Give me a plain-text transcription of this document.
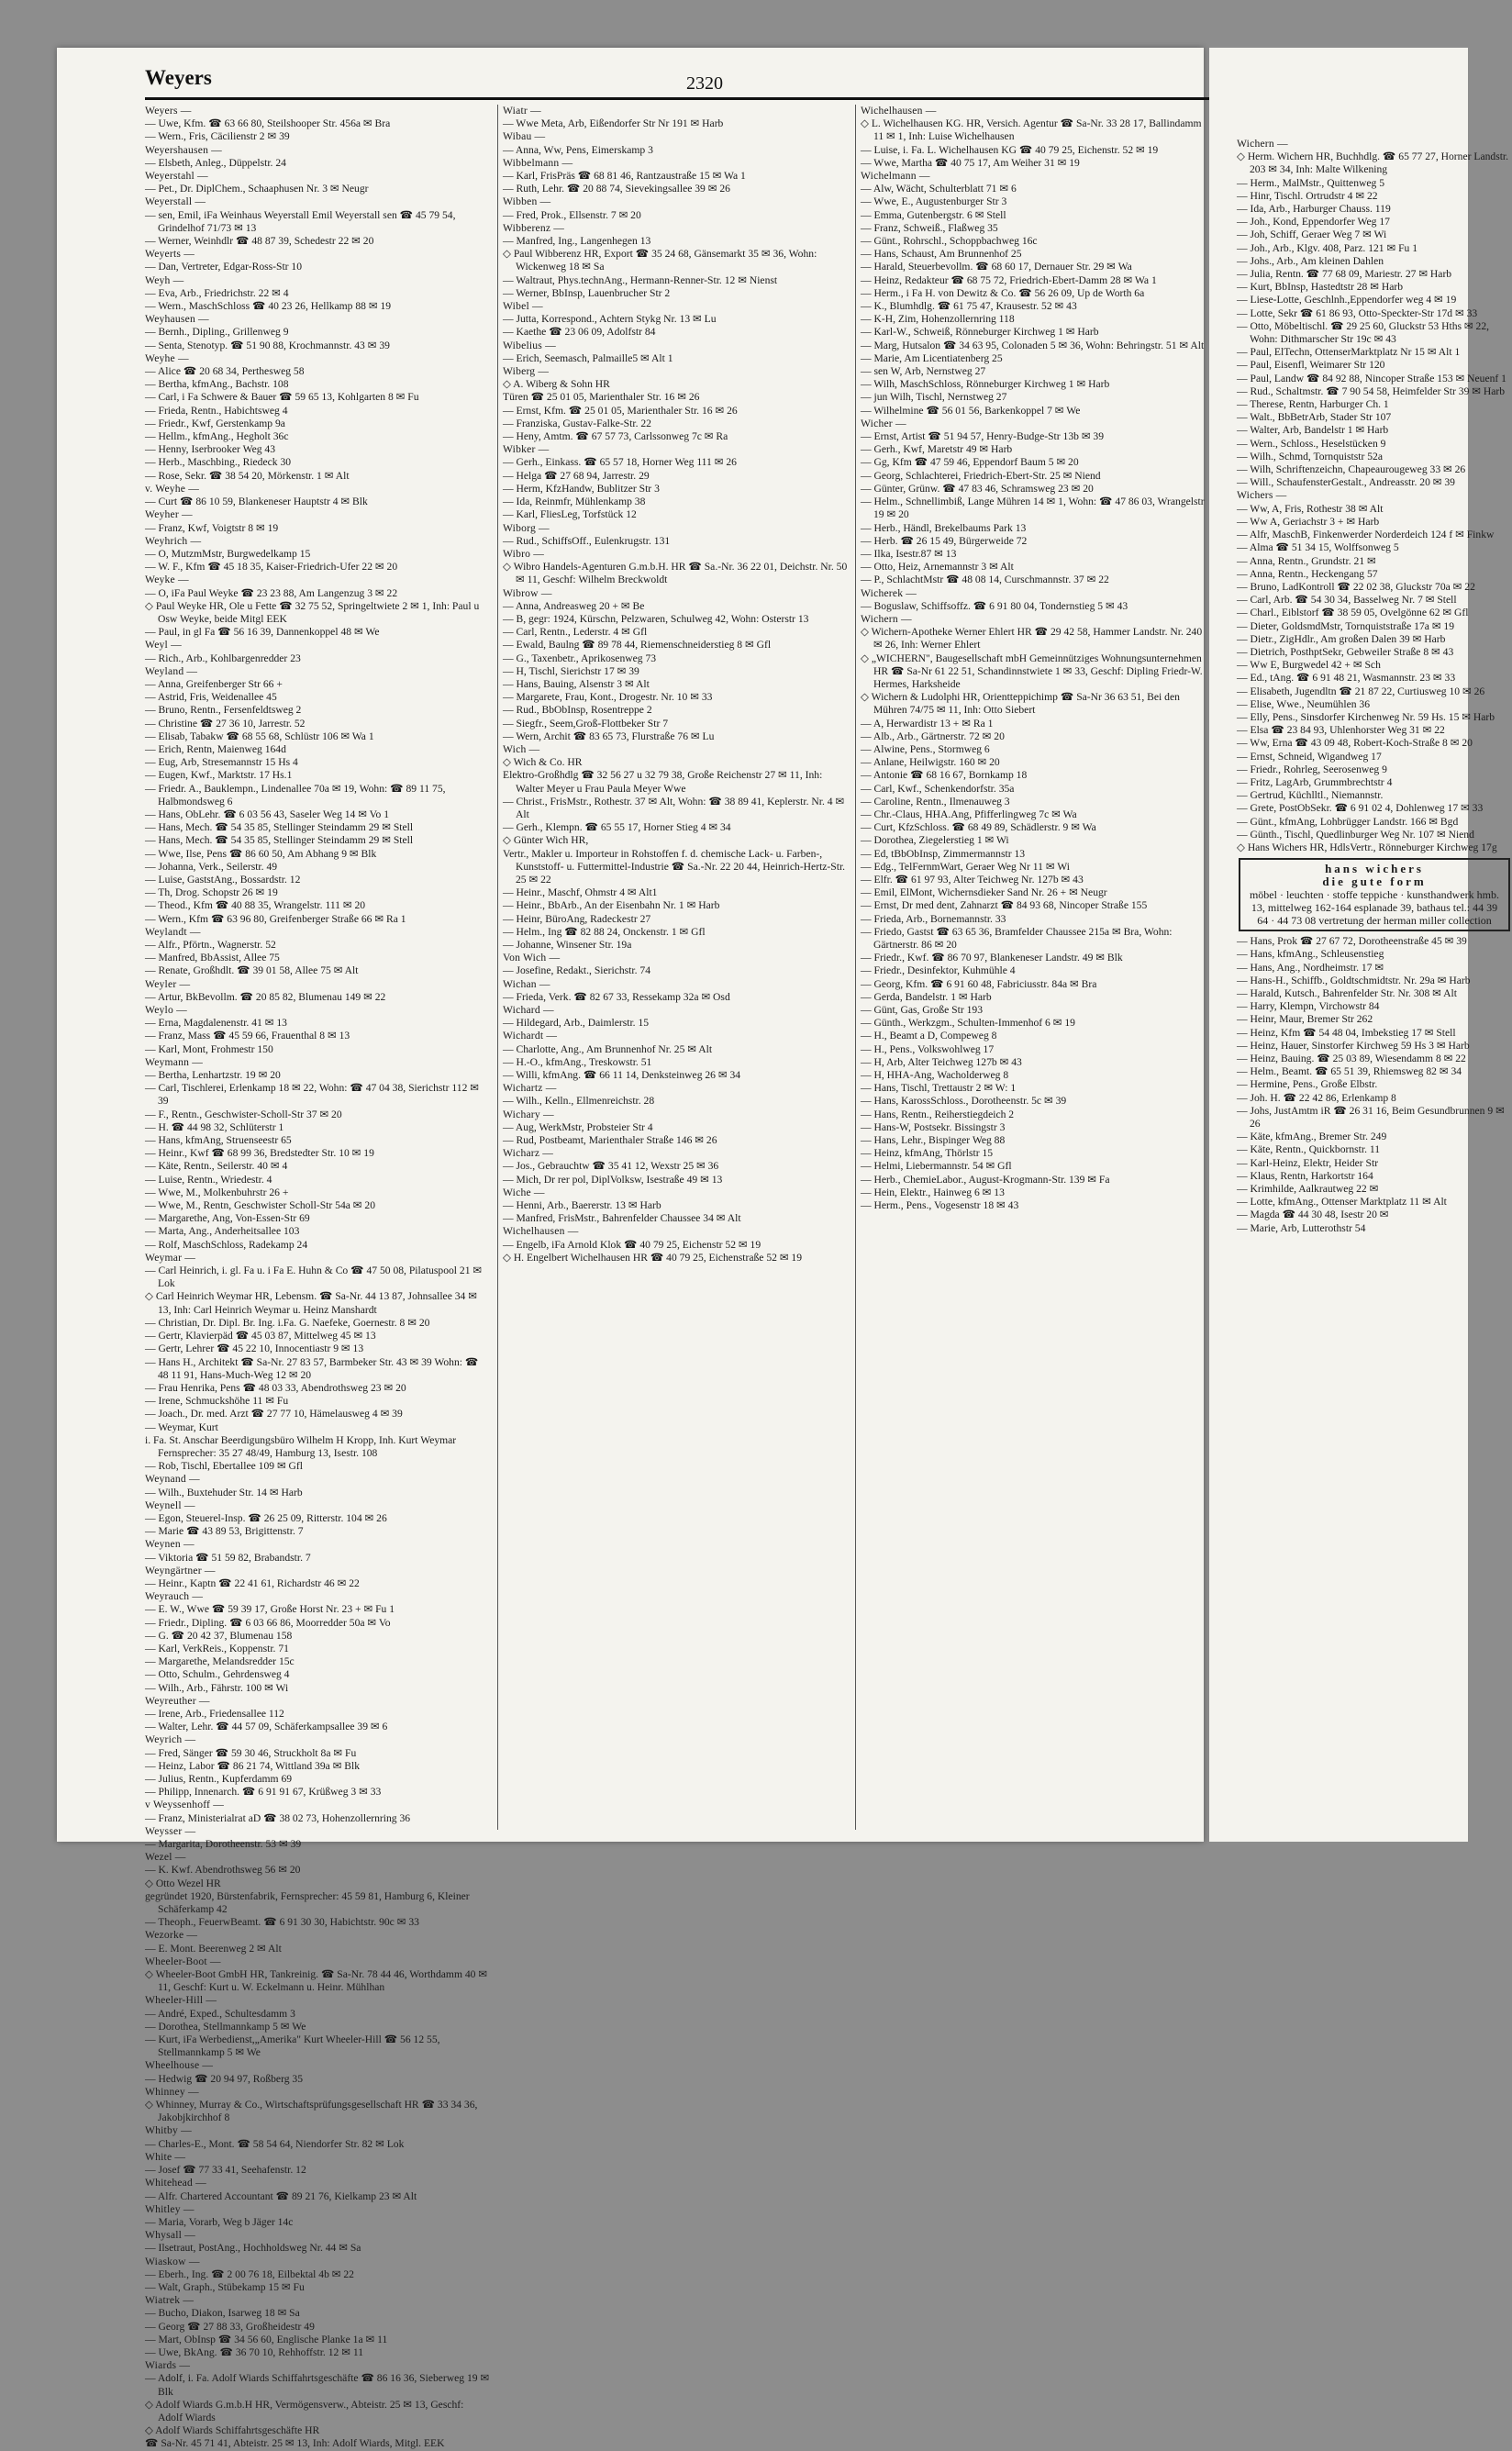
Weyers	2320

Weyers —

— Uwe, Kfm. ☎ 63 66 80, Steilshooper Str. 456a ✉ Bra

— Wern., Fris, Cäcilienstr 2 ✉ 39

Weyershausen —

— Elsbeth, Anleg., Düppelstr. 24

Weyerstahl —

— Pet., Dr. DiplChem., Schaaphusen Nr. 3 ✉ Neugr

Weyerstall —

— sen, Emil, iFa Weinhaus Weyerstall Emil Weyerstall sen ☎ 45 79 54, Grindelhof 71/73 ✉ 13

— Werner, Weinhdlr ☎ 48 87 39, Schedestr 22 ✉ 20

Weyerts —

— Dan, Vertreter, Edgar-Ross-Str 10

Weyh —

— Eva, Arb., Friedrichstr. 22 ✉ 4

— Wern., MaschSchloss ☎ 40 23 26, Hellkamp 88 ✉ 19

Weyhausen —

— Bernh., Dipling., Grillenweg 9

— Senta, Stenotyp. ☎ 51 90 88, Krochmannstr. 43 ✉ 39

Weyhe —

— Alice ☎ 20 68 34, Perthesweg 58

— Bertha, kfmAng., Bachstr. 108

— Carl, i Fa Schwere & Bauer ☎ 59 65 13, Kohlgarten 8 ✉ Fu

— Frieda, Rentn., Habichtsweg 4

— Friedr., Kwf, Gerstenkamp 9a

— Hellm., kfmAng., Hegholt 36c

— Henny, Iserbrooker Weg 43

— Herb., Maschbing., Riedeck 30

— Rose, Sekr. ☎ 38 54 20, Mörkenstr. 1 ✉ Alt

v. Weyhe —

— Curt ☎ 86 10 59, Blankeneser Hauptstr 4 ✉ Blk

Weyher —

— Franz, Kwf, Voigtstr 8 ✉ 19

Weyhrich —

— O, MutzmMstr, Burgwedelkamp 15

— W. F., Kfm ☎ 45 18 35, Kaiser-Friedrich-Ufer 22 ✉ 20

Weyke —

— O, iFa Paul Weyke ☎ 23 23 88, Am Langenzug 3 ✉ 22

◇ Paul Weyke HR, Ole u Fette ☎ 32 75 52, Springeltwiete 2 ✉ 1, Inh: Paul u Osw Weyke, beide Mitgl EEK

— Paul, in gl Fa ☎ 56 16 39, Dannenkoppel 48 ✉ We

Weyl —

— Rich., Arb., Kohlbargenredder 23

Weyland —

— Anna, Greifenberger Str 66 +

— Astrid, Fris, Weidenallee 45

— Bruno, Rentn., Fersenfeldtsweg 2

— Christine ☎ 27 36 10, Jarrestr. 52

— Elisab, Tabakw ☎ 68 55 68, Schlüstr 106 ✉ Wa 1

— Erich, Rentn, Maienweg 164d

— Eug, Arb, Stresemannstr 15 Hs 4

— Eugen, Kwf., Marktstr. 17 Hs.1

— Friedr. A., Bauklempn., Lindenallee 70a ✉ 19, Wohn: ☎ 89 11 75, Halbmondsweg 6

— Hans, ObLehr. ☎ 6 03 56 43, Saseler Weg 14 ✉ Vo 1

— Hans, Mech. ☎ 54 35 85, Stellinger Steindamm 29 ✉ Stell

— Hans, Mech. ☎ 54 35 85, Stellinger Steindamm 29 ✉ Stell

— Wwe, Ilse, Pens ☎ 86 60 50, Am Abhang 9 ✉ Blk

— Johanna, Verk., Seilerstr. 49

— Luise, GaststAng., Bossardstr. 12

— Th, Drog. Schopstr 26 ✉ 19

— Theod., Kfm ☎ 40 88 35, Wrangelstr. 111 ✉ 20

— Wern., Kfm ☎ 63 96 80, Greifenberger Straße 66 ✉ Ra 1

Weylandt —

— Alfr., Pförtn., Wagnerstr. 52

— Manfred, BbAssist, Allee 75

— Renate, Großhdlt. ☎ 39 01 58, Allee 75 ✉ Alt

Weyler —

— Artur, BkBevollm. ☎ 20 85 82, Blumenau 149 ✉ 22

Weylo —

— Erna, Magdalenenstr. 41 ✉ 13

— Franz, Mass ☎ 45 59 66, Frauenthal 8 ✉ 13

— Karl, Mont, Frohmestr 150

Weymann —

— Bertha, Lenhartzstr. 19 ✉ 20

— Carl, Tischlerei, Erlenkamp 18 ✉ 22, Wohn: ☎ 47 04 38, Sierichstr 112 ✉ 39

— F., Rentn., Geschwister-Scholl-Str 37 ✉ 20

— H. ☎ 44 98 32, Schlüterstr 1

— Hans, kfmAng, Struenseestr 65

— Heinr., Kwf ☎ 68 99 36, Bredstedter Str. 10 ✉ 19

— Käte, Rentn., Seilerstr. 40 ✉ 4

— Luise, Rentn., Wriedestr. 4

— Wwe, M., Molkenbuhrstr 26 +

— Wwe, M., Rentn, Geschwister Scholl-Str 54a ✉ 20

— Margarethe, Ang, Von-Essen-Str 69

— Marta, Ang., Anderheitsallee 103

— Rolf, MaschSchloss, Radekamp 24

Weymar —

— Carl Heinrich, i. gl. Fa u. i Fa E. Huhn & Co ☎ 47 50 08, Pilatuspool 21 ✉ Lok

◇ Carl Heinrich Weymar HR, Lebensm. ☎ Sa-Nr. 44 13 87, Johnsallee 34 ✉ 13, Inh: Carl Heinrich Weymar u. Heinz Manshardt

— Christian, Dr. Dipl. Br. Ing. i.Fa. G. Naefeke, Goernestr. 8 ✉ 20

— Gertr, Klavierpäd ☎ 45 03 87, Mittelweg 45 ✉ 13

— Gertr, Lehrer ☎ 45 22 10, Innocentiastr 9 ✉ 13

— Hans H., Architekt ☎ Sa-Nr. 27 83 57, Barmbeker Str. 43 ✉ 39 Wohn: ☎ 48 11 91, Hans-Much-Weg 12 ✉ 20

— Frau Henrika, Pens ☎ 48 03 33, Abendrothsweg 23 ✉ 20

— Irene, Schmuckshöhe 11 ✉ Fu

— Joach., Dr. med. Arzt ☎ 27 77 10, Hämelausweg 4 ✉ 39

— Weymar, Kurt

i. Fa. St. Anschar Beerdigungsbüro Wilhelm H Kropp, Inh. Kurt Weymar Fernsprecher: 35 27 48/49, Hamburg 13, Isestr. 108

— Rob, Tischl, Ebertallee 109 ✉ Gfl

Weynand —

— Wilh., Buxtehuder Str. 14 ✉ Harb

Weynell —

— Egon, Steuerel-Insp. ☎ 26 25 09, Ritterstr. 104 ✉ 26

— Marie ☎ 43 89 53, Brigittenstr. 7

Weynen —

— Viktoria ☎ 51 59 82, Brabandstr. 7

Weyngärtner —

— Heinr., Kaptn ☎ 22 41 61, Richardstr 46 ✉ 22

Weyrauch —

— E. W., Wwe ☎ 59 39 17, Große Horst Nr. 23 + ✉ Fu 1

— Friedr., Dipling. ☎ 6 03 66 86, Moorredder 50a ✉ Vo

— G. ☎ 20 42 37, Blumenau 158

— Karl, VerkReis., Koppenstr. 71

— Margarethe, Melandsredder 15c

— Otto, Schulm., Gehrdensweg 4

— Wilh., Arb., Fährstr. 100 ✉ Wi

Weyreuther —

— Irene, Arb., Friedensallee 112

— Walter, Lehr. ☎ 44 57 09, Schäferkampsallee 39 ✉ 6

Weyrich —

— Fred, Sänger ☎ 59 30 46, Struckholt 8a ✉ Fu

— Heinz, Labor ☎ 86 21 74, Wittland 39a ✉ Blk

— Julius, Rentn., Kupferdamm 69

— Philipp, Innenarch. ☎ 6 91 91 67, Krüßweg 3 ✉ 33

v Weyssenhoff —

— Franz, Ministerialrat aD ☎ 38 02 73, Hohenzollernring 36

Weysser —

— Margarita, Dorotheenstr. 53 ✉ 39

Wezel —

— K. Kwf. Abendrothsweg 56 ✉ 20

◇ Otto Wezel HR

gegründet 1920, Bürstenfabrik, Fernsprecher: 45 59 81, Hamburg 6, Kleiner Schäferkamp 42

— Theoph., FeuerwBeamt. ☎ 6 91 30 30, Habichtstr. 90c ✉ 33

Wezorke —

— E. Mont. Beerenweg 2 ✉ Alt

Wheeler-Boot —

◇ Wheeler-Boot GmbH HR, Tankreinig. ☎ Sa-Nr. 78 44 46, Worthdamm 40 ✉ 11, Geschf: Kurt u. W. Eckelmann u. Heinr. Mühlhan

Wheeler-Hill —

— André, Exped., Schultesdamm 3

— Dorothea, Stellmannkamp 5 ✉ We

— Kurt, iFa Werbedienst,„Amerika" Kurt Wheeler-Hill ☎ 56 12 55, Stellmannkamp 5 ✉ We

Wheelhouse —

— Hedwig ☎ 20 94 97, Roßberg 35

Whinney —

◇ Whinney, Murray & Co., Wirtschaftsprüfungsgesellschaft HR ☎ 33 34 36, Jakobjkirchhof 8

Whitby —

— Charles-E., Mont. ☎ 58 54 64, Niendorfer Str. 82 ✉ Lok

White —

— Josef ☎ 77 33 41, Seehafenstr. 12

Whitehead —

— Alfr. Chartered Accountant ☎ 89 21 76, Kielkamp 23 ✉ Alt

Whitley —

— Maria, Vorarb, Weg b Jäger 14c

Whysall —

— Ilsetraut, PostAng., Hochholdsweg Nr. 44 ✉ Sa

Wiaskow —

— Eberh., Ing. ☎ 2 00 76 18, Eilbektal 4b ✉ 22

— Walt, Graph., Stübekamp 15 ✉ Fu

Wiatrek —

— Bucho, Diakon, Isarweg 18 ✉ Sa

— Georg ☎ 27 88 33, Großheidestr 49

— Mart, ObInsp ☎ 34 56 60, Englische Planke 1a ✉ 11

— Uwe, BkAng. ☎ 36 70 10, Rehhoffstr. 12 ✉ 11

Wiards —

— Adolf, i. Fa. Adolf Wiards Schiffahrtsgeschäfte ☎ 86 16 36, Sieberweg 19 ✉ Blk

◇ Adolf Wiards G.m.b.H HR, Vermögensverw., Abteistr. 25 ✉ 13, Geschf: Adolf Wiards

◇ Adolf Wiards Schiffahrtsgeschäfte HR

☎ Sa-Nr. 45 71 41, Abteistr. 25 ✉ 13, Inh: Adolf Wiards, Mitgl. EEK

Wiatr —

— Wwe Meta, Arb, Eißendorfer Str Nr 191 ✉ Harb

Wibau —

— Anna, Ww, Pens, Eimerskamp 3

Wibbelmann —

— Karl, FrisPräs ☎ 68 81 46, Rantzaustraße 15 ✉ Wa 1

— Ruth, Lehr. ☎ 20 88 74, Sievekingsallee 39 ✉ 26

Wibben —

— Fred, Prok., Ellsenstr. 7 ✉ 20

Wibberenz —

— Manfred, Ing., Langenhegen 13

◇ Paul Wibberenz HR, Export ☎ 35 24 68, Gänsemarkt 35 ✉ 36, Wohn: Wickenweg 18 ✉ Sa

— Waltraut, Phys.technAng., Hermann-Renner-Str. 12 ✉ Nienst

— Werner, BbInsp, Lauenbrucher Str 2

Wibel —

— Jutta, Korrespond., Achtern Stykg Nr. 13 ✉ Lu

— Kaethe ☎ 23 06 09, Adolfstr 84

Wibelius —

— Erich, Seemasch, Palmaille5 ✉ Alt 1

Wiberg —

◇ A. Wiberg & Sohn HR

Türen ☎ 25 01 05, Marienthaler Str. 16 ✉ 26

— Ernst, Kfm. ☎ 25 01 05, Marienthaler Str. 16 ✉ 26

— Franziska, Gustav-Falke-Str. 22

— Heny, Amtm. ☎ 67 57 73, Carlssonweg 7c ✉ Ra

Wibker —

— Gerh., Einkass. ☎ 65 57 18, Horner Weg 111 ✉ 26

— Helga ☎ 27 68 94, Jarrestr. 29

— Herm, KfzHandw, Bublitzer Str 3

— Ida, Reinmfr, Mühlenkamp 38

— Karl, FliesLeg, Torfstück 12

Wiborg —

— Rud., SchiffsOff., Eulenkrugstr. 131

Wibro —

◇ Wibro Handels-Agenturen G.m.b.H. HR ☎ Sa.-Nr. 36 22 01, Deichstr. Nr. 50 ✉ 11, Geschf: Wilhelm Breckwoldt

Wibrow —

— Anna, Andreasweg 20 + ✉ Be

— B, gegr: 1924, Kürschn, Pelzwaren, Schulweg 42, Wohn: Osterstr 13

— Carl, Rentn., Lederstr. 4 ✉ Gfl

— Ewald, Baulng ☎ 89 78 44, Riemenschneiderstieg 8 ✉ Gfl

— G., Taxenbetr., Aprikosenweg 73

— H, Tischl, Sierichstr 17 ✉ 39

— Hans, Bauing, Alsenstr 3 ✉ Alt

— Margarete, Frau, Kont., Drogestr. Nr. 10 ✉ 33

— Rud., BbObInsp, Rosentreppe 2

— Siegfr., Seem,Groß-Flottbeker Str 7

— Wern, Archit ☎ 83 65 73, Flurstraße 76 ✉ Lu

Wich —

◇ Wich & Co. HR

Elektro-Großhdlg ☎ 32 56 27 u 32 79 38, Große Reichenstr 27 ✉ 11, Inh: Walter Meyer u Frau Paula Meyer Wwe

— Christ., FrisMstr., Rothestr. 37 ✉ Alt, Wohn: ☎ 38 89 41, Keplerstr. Nr. 4 ✉ Alt

— Gerh., Klempn. ☎ 65 55 17, Horner Stieg 4 ✉ 34

◇ Günter Wich HR,

Vertr., Makler u. Importeur in Rohstoffen f. d. chemische Lack- u. Farben-, Kunststoff- u. Futtermittel-Industrie ☎ Sa.-Nr. 22 20 44, Heinrich-Hertz-Str. 25 ✉ 22

— Heinr., Maschf, Ohmstr 4 ✉ Alt1

— Heinr., BbArb., An der Eisenbahn Nr. 1 ✉ Harb

— Heinr, BüroAng, Radeckestr 27

— Helm., Ing ☎ 82 88 24, Onckenstr. 1 ✉ Gfl

— Johanne, Winsener Str. 19a

Von Wich —

— Josefine, Redakt., Sierichstr. 74

Wichan —

— Frieda, Verk. ☎ 82 67 33, Ressekamp 32a ✉ Osd

Wichard —

— Hildegard, Arb., Daimlerstr. 15

Wichardt —

— Charlotte, Ang., Am Brunnenhof Nr. 25 ✉ Alt

— H.-O., kfmAng., Treskowstr. 51

— Willi, kfmAng. ☎ 66 11 14, Denksteinweg 26 ✉ 34

Wichartz —

— Wilh., Kelln., Ellmenreichstr. 28

Wichary —

— Aug, WerkMstr, Probsteier Str 4

— Rud, Postbeamt, Marienthaler Straße 146 ✉ 26

Wicharz —

— Jos., Gebrauchtw ☎ 35 41 12, Wexstr 25 ✉ 36

— Mich, Dr rer pol, DiplVolksw, Isestraße 49 ✉ 13

Wiche —

— Henni, Arb., Baererstr. 13 ✉ Harb

— Manfred, FrisMstr., Bahrenfelder Chaussee 34 ✉ Alt

Wichelhausen —

— Engelb, iFa Arnold Klok ☎ 40 79 25, Eichenstr 52 ✉ 19

◇ H. Engelbert Wichelhausen HR ☎ 40 79 25, Eichenstraße 52 ✉ 19

Wichelhausen —

◇ L. Wichelhausen KG. HR, Versich. Agentur ☎ Sa-Nr. 33 28 17, Ballindamm 11 ✉ 1, Inh: Luise Wichelhausen

— Luise, i. Fa. L. Wichelhausen KG ☎ 40 79 25, Eichenstr. 52 ✉ 19

— Wwe, Martha ☎ 40 75 17, Am Weiher 31 ✉ 19

Wichelmann —

— Alw, Wächt, Schulterblatt 71 ✉ 6

— Wwe, E., Augustenburger Str 3

— Emma, Gutenbergstr. 6 ✉ Stell

— Franz, Schweiß., Flaßweg 35

— Günt., Rohrschl., Schoppbachweg 16c

— Hans, Schaust, Am Brunnenhof 25

— Harald, Steuerbevollm. ☎ 68 60 17, Dernauer Str. 29 ✉ Wa

— Heinz, Redakteur ☎ 68 75 72, Friedrich-Ebert-Damm 28 ✉ Wa 1

— Herm., i Fa H. von Dewitz & Co. ☎ 56 26 09, Up de Worth 6a

— K., Blumhdlg. ☎ 61 75 47, Krausestr. 52 ✉ 43

— K-H, Zim, Hohenzollernring 118

— Karl-W., Schweiß, Rönneburger Kirchweg 1 ✉ Harb

— Marg, Hutsalon ☎ 34 63 95, Colonaden 5 ✉ 36, Wohn: Behringstr. 51 ✉ Alt

— Marie, Am Licentiatenberg 25

— sen W, Arb, Nernstweg 27

— Wilh, MaschSchloss, Rönneburger Kirchweg 1 ✉ Harb

— jun Wilh, Tischl, Nernstweg 27

— Wilhelmine ☎ 56 01 56, Barkenkoppel 7 ✉ We

Wicher —

— Ernst, Artist ☎ 51 94 57, Henry-Budge-Str 13b ✉ 39

— Gerh., Kwf, Maretstr 49 ✉ Harb

— Gg, Kfm ☎ 47 59 46, Eppendorf Baum 5 ✉ 20

— Georg, Schlachterei, Friedrich-Ebert-Str. 25 ✉ Niend

— Günter, Grünw. ☎ 47 83 46, Schramsweg 23 ✉ 20

— Helm., Schnellimbiß, Lange Mühren 14 ✉ 1, Wohn: ☎ 47 86 03, Wrangelstr 19 ✉ 20

— Herb., Händl, Brekelbaums Park 13

— Herb. ☎ 26 15 49, Bürgerweide 72

— Ilka, Isestr.87 ✉ 13

— Otto, Heiz, Arnemannstr 3 ✉ Alt

— P., SchlachtMstr ☎ 48 08 14, Curschmannstr. 37 ✉ 22

Wicherek —

— Boguslaw, Schiffsoffz. ☎ 6 91 80 04, Tondernstieg 5 ✉ 43

Wichern —

◇ Wichern-Apotheke Werner Ehlert HR ☎ 29 42 58, Hammer Landstr. Nr. 240 ✉ 26, Inh: Werner Ehlert

◇ „WICHERN", Baugesellschaft mbH Gemeinnütziges Wohnungsunternehmen HR ☎ Sa-Nr 61 22 51, Schandinnstwiete 1 ✉ 33, Geschf: Dipling Friedr-W. Hermes, Harksheide

◇ Wichern & Ludolphi HR, Orientteppichimp ☎ Sa-Nr 36 63 51, Bei den Mühren 74/75 ✉ 11, Inh: Otto Siebert

— A, Herwardistr 13 + ✉ Ra 1

— Alb., Arb., Gärtnerstr. 72 ✉ 20

— Alwine, Pens., Stormweg 6

— Anlane, Heilwigstr. 160 ✉ 20

— Antonie ☎ 68 16 67, Bornkamp 18

— Carl, Kwf., Schenkendorfstr. 35a

— Caroline, Rentn., Ilmenauweg 3

— Chr.-Claus, HHA.Ang, Pfifferlingweg 7c ✉ Wa

— Curt, KfzSchloss. ☎ 68 49 89, Schädlerstr. 9 ✉ Wa

— Dorothea, Ziegelerstieg 1 ✉ Wi

— Ed, tBbObInsp, Zimmermannstr 13

— Edg., TelFernmWart, Geraer Weg Nr 11 ✉ Wi

— Elfr. ☎ 61 97 93, Alter Teichweg Nr. 127b ✉ 43

— Emil, ElMont, Wichernsdieker Sand Nr. 26 + ✉ Neugr

— Ernst, Dr med dent, Zahnarzt ☎ 84 93 68, Nincoper Straße 155

— Frieda, Arb., Bornemannstr. 33

— Friedo, Gastst ☎ 63 65 36, Bramfelder Chaussee 215a ✉ Bra, Wohn: Gärtnerstr. 86 ✉ 20

— Friedr., Kwf. ☎ 86 70 97, Blankeneser Landstr. 49 ✉ Blk

— Friedr., Desinfektor, Kuhmühle 4

— Georg, Kfm. ☎ 6 91 60 48, Fabriciusstr. 84a ✉ Bra

— Gerda, Bandelstr. 1 ✉ Harb

— Günt, Gas, Große Str 193

— Günth., Werkzgm., Schulten-Immenhof 6 ✉ 19

— H., Beamt a D, Compeweg 8

— H., Pens., Volkswohlweg 17

— H, Arb, Alter Teichweg 127b ✉ 43

— H, HHA-Ang, Wacholderweg 8

— Hans, Tischl, Trettaustr 2 ✉ W: 1

— Hans, KarossSchloss., Dorotheenstr. 5c ✉ 39

— Hans, Rentn., Reiherstiegdeich 2

— Hans-W, Postsekr. Bissingstr 3

— Hans, Lehr., Bispinger Weg 88

— Heinz, kfmAng, Thörlstr 15

— Helmi, Liebermannstr. 54 ✉ Gfl

— Herb., ChemieLabor., August-Krogmann-Str. 139 ✉ Fa

— Hein, Elektr., Hainweg 6 ✉ 13

— Herm., Pens., Vogesenstr 18 ✉ 43

Wichern —

◇ Herm. Wichern HR, Buchhdlg. ☎ 65 77 27, Horner Landstr. 203 ✉ 34, Inh: Malte Wilkening

— Herm., MalMstr., Quittenweg 5

— Hinr, Tischl. Ortrudstr 4 ✉ 22

— Ida, Arb., Harburger Chauss. 119

— Joh., Kond, Eppendorfer Weg 17

— Joh, Schiff, Geraer Weg 7 ✉ Wi

— Joh., Arb., Klgv. 408, Parz. 121 ✉ Fu 1

— Johs., Arb., Am kleinen Dahlen

— Julia, Rentn. ☎ 77 68 09, Mariestr. 27 ✉ Harb

— Kurt, BbInsp, Hastedtstr 28 ✉ Harb

— Liese-Lotte, Geschlnh.,Eppendorfer weg 4 ✉ 19

— Lotte, Sekr ☎ 61 86 93, Otto-Speckter-Str 17d ✉ 33

— Otto, Möbeltischl. ☎ 29 25 60, Gluckstr 53 Hths ✉ 22, Wohn: Dithmarscher Str 19c ✉ 43

— Paul, ElTechn, OttenserMarktplatz Nr 15 ✉ Alt 1

— Paul, Eisenfl, Weimarer Str 120

— Paul, Landw ☎ 84 92 88, Nincoper Straße 153 ✉ Neuenf 1

— Rud., Schaltmstr. ☎ 7 90 54 58, Heimfelder Str 39 ✉ Harb

— Therese, Rentn, Harburger Ch. 1

— Walt., BbBetrArb, Stader Str 107

— Walter, Arb, Bandelstr 1 ✉ Harb

— Wern., Schloss., Heselstücken 9

— Wilh., Schmd, Tornquiststr 52a

— Wilh, Schriftenzeichn, Chapeaurougeweg 33 ✉ 26

— Will., SchaufensterGestalt., Andreasstr. 20 ✉ 39

Wichers —

— Ww, A, Fris, Rothestr 38 ✉ Alt

— Ww A, Geriachstr 3 + ✉ Harb

— Alfr, MaschB, Finkenwerder Norderdeich 124 f ✉ Finkw

— Alma ☎ 51 34 15, Wolffsonweg 5

— Anna, Rentn., Grundstr. 21 ✉

— Anna, Rentn., Heckengang 57

— Bruno, LadKontroll ☎ 22 02 38, Gluckstr 70a ✉ 22

— Carl, Arb. ☎ 54 30 34, Basselweg Nr. 7 ✉ Stell

— Charl., Eiblstorf ☎ 38 59 05, Ovelgönne 62 ✉ Gfl

— Dieter, GoldsmdMstr, Tornquiststraße 17a ✉ 19

— Dietr., ZigHdlr., Am großen Dalen 39 ✉ Harb

— Dietrich, PosthptSekr, Gebweiler Straße 8 ✉ 43

— Ww E, Burgwedel 42 + ✉ Sch

— Ed., tAng. ☎ 6 91 48 21, Wasmannstr. 23 ✉ 33

— Elisabeth, Jugendltn ☎ 21 87 22, Curtiusweg 10 ✉ 26

— Elise, Wwe., Neumühlen 36

— Elly, Pens., Sinsdorfer Kirchenweg Nr. 59 Hs. 15 ✉ Harb

— Elsa ☎ 23 84 93, Uhlenhorster Weg 31 ✉ 22

— Ww, Erna ☎ 43 09 48, Robert-Koch-Straße 8 ✉ 20

— Ernst, Schneid, Wigandweg 17

— Friedr., Rohrleg, Seerosenweg 9

— Fritz, LagArb, Grummbrechtstr 4

— Gertrud, Küchlltl., Niemannstr.

— Grete, PostObSekr. ☎ 6 91 02 4, Dohlenweg 17 ✉ 33

— Günt., kfmAng, Lohbrügger Landstr. 166 ✉ Bgd

— Günth., Tischl, Quedlinburger Weg Nr. 107 ✉ Niend

◇ Hans Wichers HR, HdlsVertr., Rönneburger Kirchweg 17g

hans wichers

die gute form

möbel · leuchten · stoffe teppiche · kunsthandwerk hmb. 13, mittelweg 162-164 esplanade 39, bathaus tel.: 44 39 64 · 44 73 08 vertretung der herman miller collection

— Hans, Prok ☎ 27 67 72, Dorotheenstraße 45 ✉ 39

— Hans, kfmAng., Schleusenstieg

— Hans, Ang., Nordheimstr. 17 ✉

— Hans-H., Schiffb., Goldtschmidtstr. Nr. 29a ✉ Harb

— Harald, Kutsch., Bahrenfelder Str. Nr. 308 ✉ Alt

— Harry, Klempn, Virchowstr 84

— Heinr, Maur, Bremer Str 262

— Heinz, Kfm ☎ 54 48 04, Imbekstieg 17 ✉ Stell

— Heinz, Hauer, Sinstorfer Kirchweg 59 Hs 3 ✉ Harb

— Heinz, Bauing. ☎ 25 03 89, Wiesendamm 8 ✉ 22

— Helm., Beamt. ☎ 65 51 39, Rhiemsweg 82 ✉ 34

— Hermine, Pens., Große Elbstr.

— Joh. H. ☎ 22 42 86, Erlenkamp 8

— Johs, JustAmtm iR ☎ 26 31 16, Beim Gesundbrunnen 9 ✉ 26

— Käte, kfmAng., Bremer Str. 249

— Käte, Rentn., Quickbornstr. 11

— Karl-Heinz, Elektr, Heider Str

— Klaus, Rentn, Harkortstr 164

— Krimhilde, Aalkrautweg 22 ✉

— Lotte, kfmAng., Ottenser Marktplatz 11 ✉ Alt

— Magda ☎ 44 30 48, Isestr 20 ✉

— Marie, Arb, Lutterothstr 54
